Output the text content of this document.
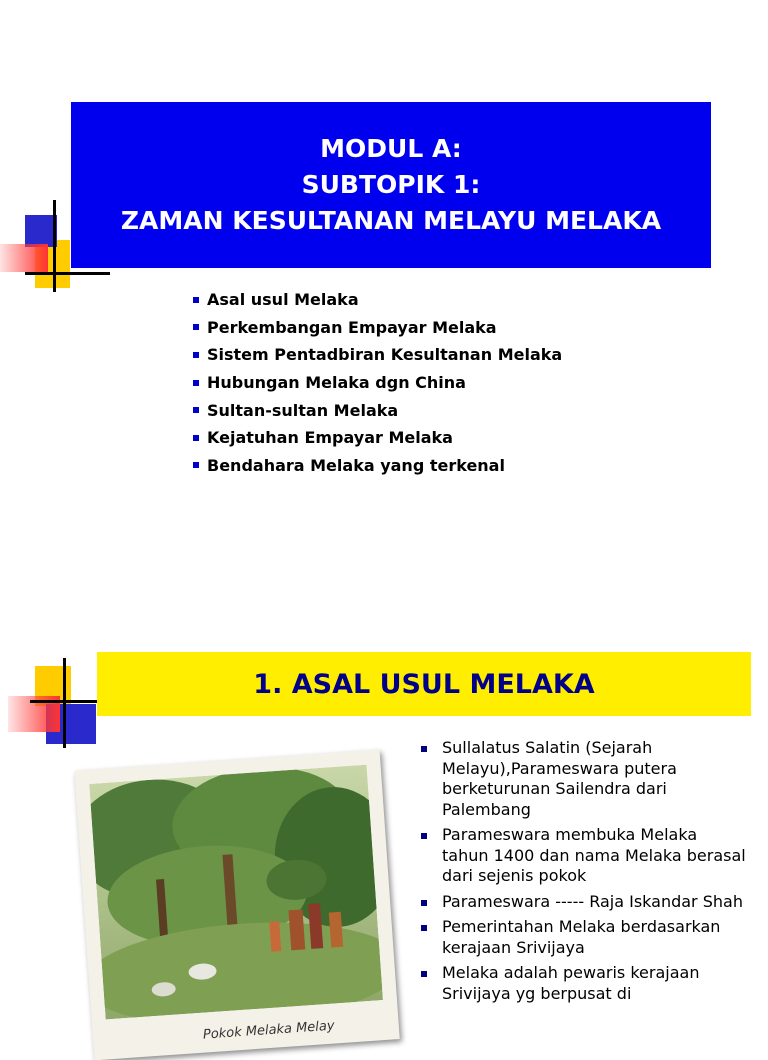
MODUL A:
SUBTOPIK 1:
ZAMAN KESULTANAN MELAYU MELAKA
Asal usul Melaka
Perkembangan Empayar Melaka
Sistem Pentadbiran Kesultanan Melaka
Hubungan Melaka dgn China
Sultan-sultan Melaka
Kejatuhan Empayar Melaka
Bendahara Melaka yang terkenal
1. ASAL USUL MELAKA
Pokok Melaka Melay
Sullalatus Salatin (Sejarah Melayu),Parameswara putera berketurunan Sailendra dari Palembang
Parameswara membuka Melaka tahun 1400 dan nama Melaka berasal dari sejenis pokok
Parameswara ----- Raja Iskandar Shah
Pemerintahan Melaka berdasarkan kerajaan Srivijaya
Melaka adalah pewaris kerajaan Srivijaya yg berpusat di
